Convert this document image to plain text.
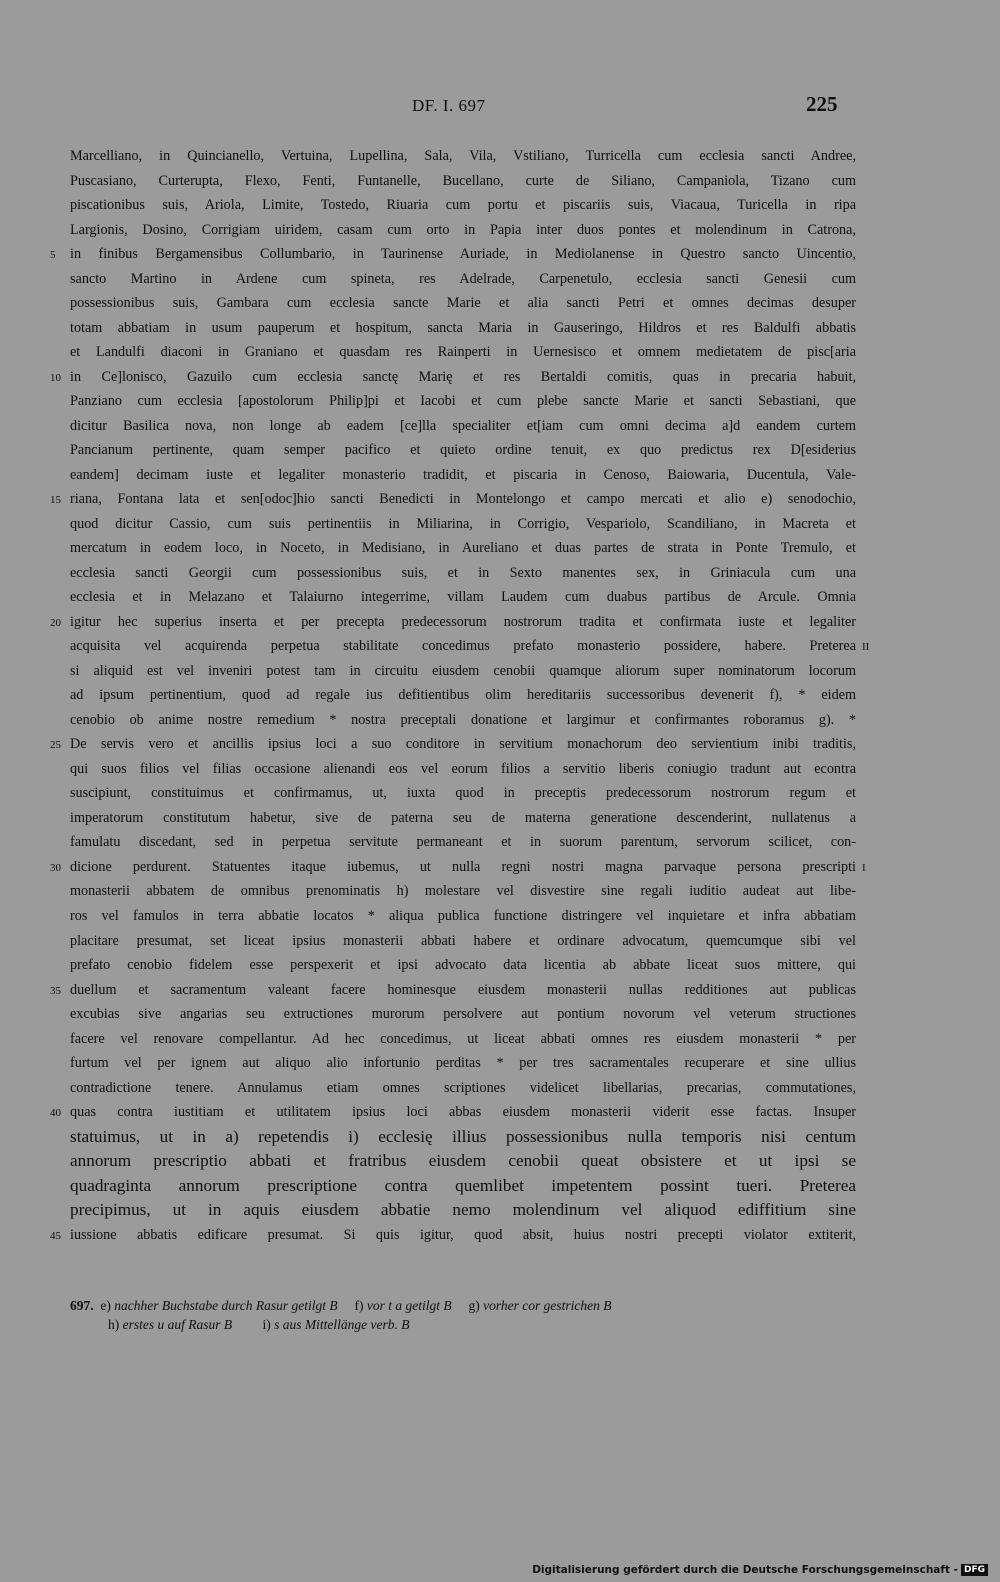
DF. I. 697	225
Marcelliano, in Quincianello, Vertuina, Lupellina, Sala, Vila, Vstiliano, Turricella cum ecclesia sancti Andree,
Puscasiano, Curterupta, Flexo, Fenti, Funtanelle, Bucellano, curte de Siliano, Campaniola, Tizano cum
piscationibus suis, Ariola, Limite, Tostedo, Riuaria cum portu et piscariis suis, Viacaua, Turicella in ripa
Largionis, Dosino, Corrigiam uiridem, casam cum orto in Papia inter duos pontes et molendinum in Catrona,
in finibus Bergamensibus Collumbario, in Taurinense Auriade, in Mediolanense in Questro sancto Uincentio,
5
sancto Martino in Ardene cum spineta, res Adelrade, Carpenetulo, ecclesia sancti Genesii cum
possessionibus suis, Gambara cum ecclesia sancte Marie et alia sancti Petri et omnes decimas desuper
totam abbatiam in usum pauperum et hospitum, sancta Maria in Gauseringo, Hildros et res Baldulfi abbatis
et Landulfi diaconi in Graniano et quasdam res Rainperti in Uernesisco et omnem medietatem de pisc[aria
in Ce]lonisco, Gazuilo cum ecclesia sanctę Marię et res Bertaldi comitis, quas in precaria habuit,
10
Panziano cum ecclesia [apostolorum Philip]pi et Iacobi et cum plebe sancte Marie et sancti Sebastiani, que
dicitur Basilica nova, non longe ab eadem [ce]lla specialiter et[iam cum omni decima a]d eandem curtem
Pancianum pertinente, quam semper pacifico et quieto ordine tenuit, ex quo predictus rex D[esiderius
eandem] decimam iuste et legaliter monasterio tradidit, et piscaria in Cenoso, Baiowaria, Ducentula, Vale-
riana, Fontana lata et sen[odoc]hio sancti Benedicti in Montelongo et campo mercati et alio e) senodochio,
15
quod dicitur Cassio, cum suis pertinentiis in Miliarina, in Corrigio, Vespariolo, Scandiliano, in Macreta et
mercatum in eodem loco, in Noceto, in Medisiano, in Aureliano et duas partes de strata in Ponte Tremulo, et
ecclesia sancti Georgii cum possessionibus suis, et in Sexto manentes sex, in Griniacula cum una
ecclesia et in Melazano et Talaiurno integerrime, villam Laudem cum duabus partibus de Arcule. Omnia
igitur hec superius inserta et per precepta predecessorum nostrorum tradita et confirmata iuste et legaliter
20
acquisita vel acquirenda perpetua stabilitate concedimus prefato monasterio possidere, habere. Preterea II
si aliquid est vel inveniri potest tam in circuitu eiusdem cenobii quamque aliorum super nominatorum locorum
ad ipsum pertinentium, quod ad regale ius defitientibus olim hereditariis successoribus devenerit f), * eidem
cenobio ob anime nostre remedium * nostra preceptali donatione et largimur et confirmantes roboramus g). *
De servis vero et ancillis ipsius loci a suo conditore in servitium monachorum deo servientium inibi traditis,
25
qui suos filios vel filias occasione alienandi eos vel eorum filios a servitio liberis coniugio tradunt aut econtra
suscipiunt, constituimus et confirmamus, ut, iuxta quod in preceptis predecessorum nostrorum regum et
imperatorum constitutum habetur, sive de paterna seu de materna generatione descenderint, nullatenus a
famulatu discedant, sed in perpetua servitute permaneant et in suorum parentum, servorum scilicet, con-
dicione perdurent. Statuentes itaque iubemus, ut nulla regni nostri magna parvaque persona prescripti
30	I
monasterii abbatem de omnibus prenominatis h) molestare vel disvestire sine regali iuditio audeat aut libe-
ros vel famulos in terra abbatie locatos * aliqua publica functione distringere vel inquietare et infra abbatiam
placitare presumat, set liceat ipsius monasterii abbati habere et ordinare advocatum, quemcumque sibi vel
prefato cenobio fidelem esse perspexerit et ipsi advocato data licentia ab abbate liceat suos mittere, qui
duellum et sacramentum valeant facere hominesque eiusdem monasterii nullas redditiones aut publicas
35
excubias sive angarias seu extructiones murorum persolvere aut pontium novorum vel veterum structiones
facere vel renovare compellantur. Ad hec concedimus, ut liceat abbati omnes res eiusdem monasterii * per
furtum vel per ignem aut aliquo alio infortunio perditas * per tres sacramentales recuperare et sine ullius
contradictione tenere. Annulamus etiam omnes scriptiones videlicet libellarias, precarias, commutationes,
quas contra iustitiam et utilitatem ipsius loci abbas eiusdem monasterii viderit esse factas. Insuper
40
statuimus, ut in a) repetendis i) ecclesię illius possessionibus nulla temporis nisi centum
annorum prescriptio abbati et fratribus eiusdem cenobii queat obsistere et ut ipsi se
quadraginta annorum prescriptione contra quemlibet impetentem possint tueri. Preterea
precipimus, ut in aquis eiusdem abbatie nemo molendinum vel aliquod ediffitium sine
iussione abbatis edificare presumat. Si quis igitur, quod absit, huius nostri precepti violator extiterit,
45
697. e) nachher Buchstabe durch Rasur getilgt B f) vor t a getilgt B g) vorher cor gestrichen B
h) erstes u auf Rasur B i) s aus Mittellänge verb. B
Digitalisierung gefördert durch die Deutsche Forschungsgemeinschaft - DFG
